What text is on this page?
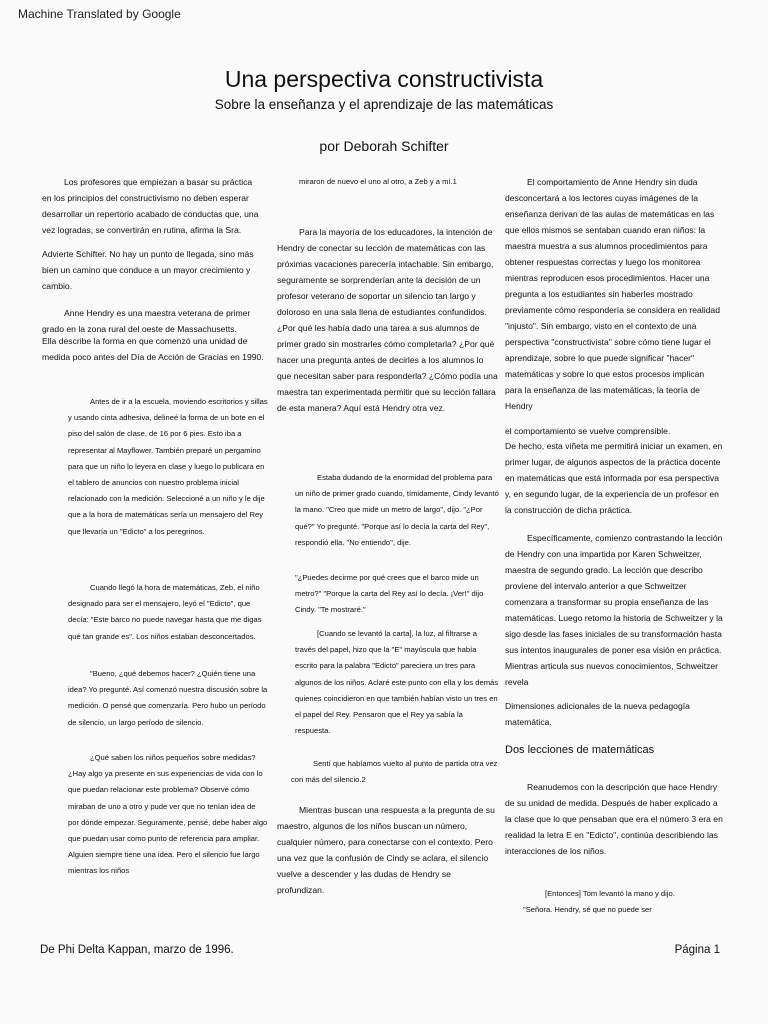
Machine Translated by Google
Una perspectiva constructivista
Sobre la enseñanza y el aprendizaje de las matemáticas
por Deborah Schifter

Los profesores que empiezan a basar su práctica en los principios del constructivismo no deben esperar desarrollar un repertorio acabado de conductas que, una vez logradas, se convertirán en rutina, afirma la Sra.

Adviertе Schifter. No hay un punto de llegada, sino más bien un camino que conduce a un mayor crecimiento y cambio.

Anne Hendry es una maestra veterana de primer grado en la zona rural del oeste de Massachusetts.

Ella describe la forma en que comenzó una unidad de medida poco antes del Día de Acción de Gracias en 1990.

Antes de ir a la escuela, moviendo escritorios y sillas y usando cinta adhesiva, delineé la forma de un bote en el piso del salón de clase, de 16 por 6 pies. Esto iba a representar al Mayflower. También preparé un pergamino para que un niño lo leyera en clase y luego lo publicara en el tablero de anuncios con nuestro problema inicial relacionado con la medición. Seleccioné a un niño y le dije que a la hora de matemáticas sería un mensajero del Rey que llevaría un "Edicto" a los peregrinos.

Cuando llegó la hora de matemáticas, Zeb, el niño designado para ser el mensajero, leyó el "Edicto", que decía: "Este barco no puede navegar hasta que me digas qué tan grande es". Los niños estaban desconcertados.

"Bueno, ¿qué debemos hacer? ¿Quién tiene una idea? Yo pregunté. Así comenzó nuestra discusión sobre la medición. O pensé que comenzaría. Pero hubo un período de silencio, un largo período de silencio.

¿Qué saben los niños pequeños sobre medidas? ¿Hay algo ya presente en sus experiencias de vida con lo que puedan relacionar este problema? Observé cómo miraban de uno a otro y pude ver que no tenían idea de por dónde empezar. Seguramente, pensé, debe haber algo que puedan usar como punto de referencia para ampliar. Alguien siempre tiene una idea. Pero el silencio fue largo mientras los niños

miraron de nuevo el uno al otro, a Zeb y a mí.1

Para la mayoría de los educadores, la intención de Hendry de conectar su lección de matemáticas con las próximas vacaciones parecería intachable. Sin embargo, seguramente se sorprenderían ante la decisión de un profesor veterano de soportar un silencio tan largo y doloroso en una sala llena de estudiantes confundidos. ¿Por qué les había dado una tarea a sus alumnos de primer grado sin mostrarles cómo completarla? ¿Por qué hacer una pregunta antes de decirles a los alumnos lo que necesitan saber para responderla? ¿Cómo podía una maestra tan experimentada permitir que su lección fallara de esta manera? Aquí está Hendry otra vez.

Estaba dudando de la enormidad del problema para un niño de primer grado cuando, tímidamente, Cindy levantó la mano. "Creo que mide un metro de largo", dijo. "¿Por qué?" Yo pregunté. "Porque así lo decía la carta del Rey", respondió ella. "No entiendo", dije.

"¿Puedes decirme por qué crees que el barco mide un metro?" "Porque la carta del Rey así lo decía. ¡Ver!" dijo Cindy. "Te mostraré."

[Cuando se levantó la carta], la luz, al filtrarse a través del papel, hizo que la "E" mayúscula que había escrito para la palabra "Edicto" pareciera un tres para algunos de los niños. Aclaré este punto con ella y los demás quienes coincidieron en que también habían visto un tres en el papel del Rey. Pensaron que el Rey ya sabía la respuesta.

Sentí que habíamos vuelto al punto de partida otra vez con más del silencio.2

Mientras buscan una respuesta a la pregunta de su maestro, algunos de los niños buscan un número, cualquier número, para conectarse con el contexto. Pero una vez que la confusión de Cindy se aclara, el silencio vuelve a descender y las dudas de Hendry se profundizan.

El comportamiento de Anne Hendry sin duda desconcertará a los lectores cuyas imágenes de la enseñanza derivan de las aulas de matemáticas en las que ellos mismos se sentaban cuando eran niños: la maestra muestra a sus alumnos procedimientos para obtener respuestas correctas y luego los monitorea mientras reproducen esos procedimientos. Hacer una pregunta a los estudiantes sin haberles mostrado previamente cómo respondería se considera en realidad "injusto". Sin embargo, visto en el contexto de una perspectiva "constructivista" sobre cómo tiene lugar el aprendizaje, sobre lo que puede significar "hacer" matemáticas y sobre lo que estos procesos implican para la enseñanza de las matemáticas, la teoría de Hendry

el comportamiento se vuelve comprensible.

De hecho, esta viñeta me permitirá iniciar un examen, en primer lugar, de algunos aspectos de la práctica docente en matemáticas que está informada por esa perspectiva y, en segundo lugar, de la experiencia de un profesor en la construcción de dicha práctica.

Específicamente, comienzo contrastando la lección de Hendry con una impartida por Karen Schweitzer, maestra de segundo grado. La lección que describo proviene del intervalo anterior a que Schweitzer comenzara a transformar su propia enseñanza de las matemáticas. Luego retomo la historia de Schweitzer y la sigo desde las fases iniciales de su transformación hasta sus intentos inaugurales de poner esa visión en práctica. Mientras articula sus nuevos conocimientos, Schweitzer revela

Dimensiones adicionales de la nueva pedagogía matemática.

Dos lecciones de matemáticas

Reanudemos con la descripción que hace Hendry de su unidad de medida. Después de haber explicado a la clase que lo que pensaban que era el número 3 era en realidad la letra E en "Edicto", continúa describiendo las interacciones de los niños.

[Entonces] Tom levantó la mano y dijo.

"Señora. Hendry, sé que no puede ser

De Phi Delta Kappan, marzo de 1996.	Página 1
